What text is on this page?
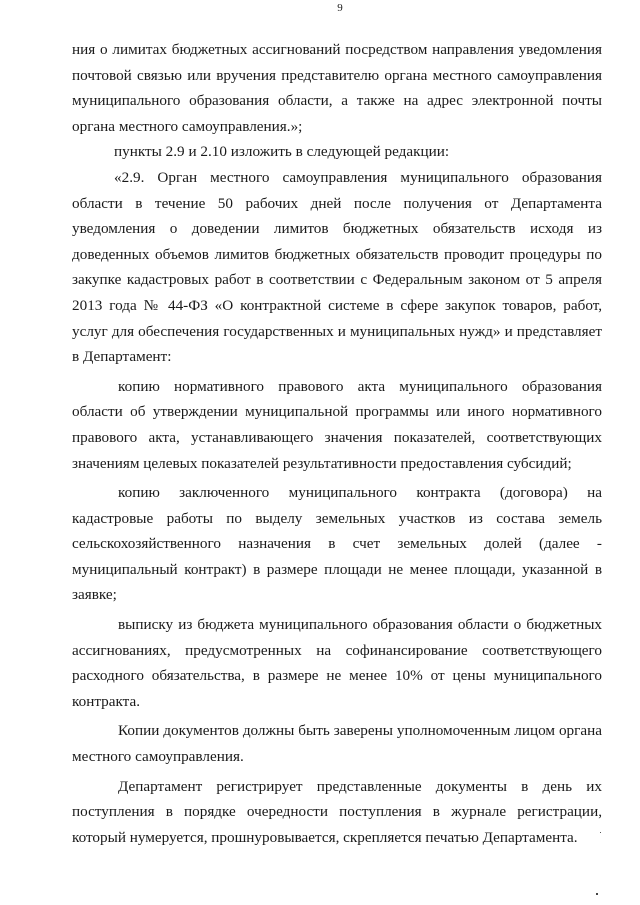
9

ния о лимитах бюджетных ассигнований посредством направления уведомления почтовой связью или вручения представителю органа местного самоуправления муниципального образования области, а также на адрес электронной почты органа местного самоуправления.»;

пункты 2.9 и 2.10 изложить в следующей редакции:

«2.9. Орган местного самоуправления муниципального образования области в течение 50 рабочих дней после получения от Департамента уведомления о доведении лимитов бюджетных обязательств исходя из доведенных объемов лимитов бюджетных обязательств проводит процедуры по закупке кадастровых работ в соответствии с Федеральным законом от 5 апреля 2013 года № 44-ФЗ «О контрактной системе в сфере закупок товаров, работ, услуг для обеспечения государственных и муниципальных нужд» и представляет в Департамент:

копию нормативного правового акта муниципального образования области об утверждении муниципальной программы или иного нормативного правового акта, устанавливающего значения показателей, соответствующих значениям целевых показателей результативности предоставления субсидий;

копию заключенного муниципального контракта (договора) на кадастровые работы по выделу земельных участков из состава земель сельскохозяйственного назначения в счет земельных долей (далее - муниципальный контракт) в размере площади не менее площади, указанной в заявке;

выписку из бюджета муниципального образования области о бюджетных ассигнованиях, предусмотренных на софинансирование соответствующего расходного обязательства, в размере не менее 10% от цены муниципального контракта.

Копии документов должны быть заверены уполномоченным лицом органа местного самоуправления.

Департамент регистрирует представленные документы в день их поступления в порядке очередности поступления в журнале регистрации, который нумеруется, прошнуровывается, скрепляется печатью Департамента.
